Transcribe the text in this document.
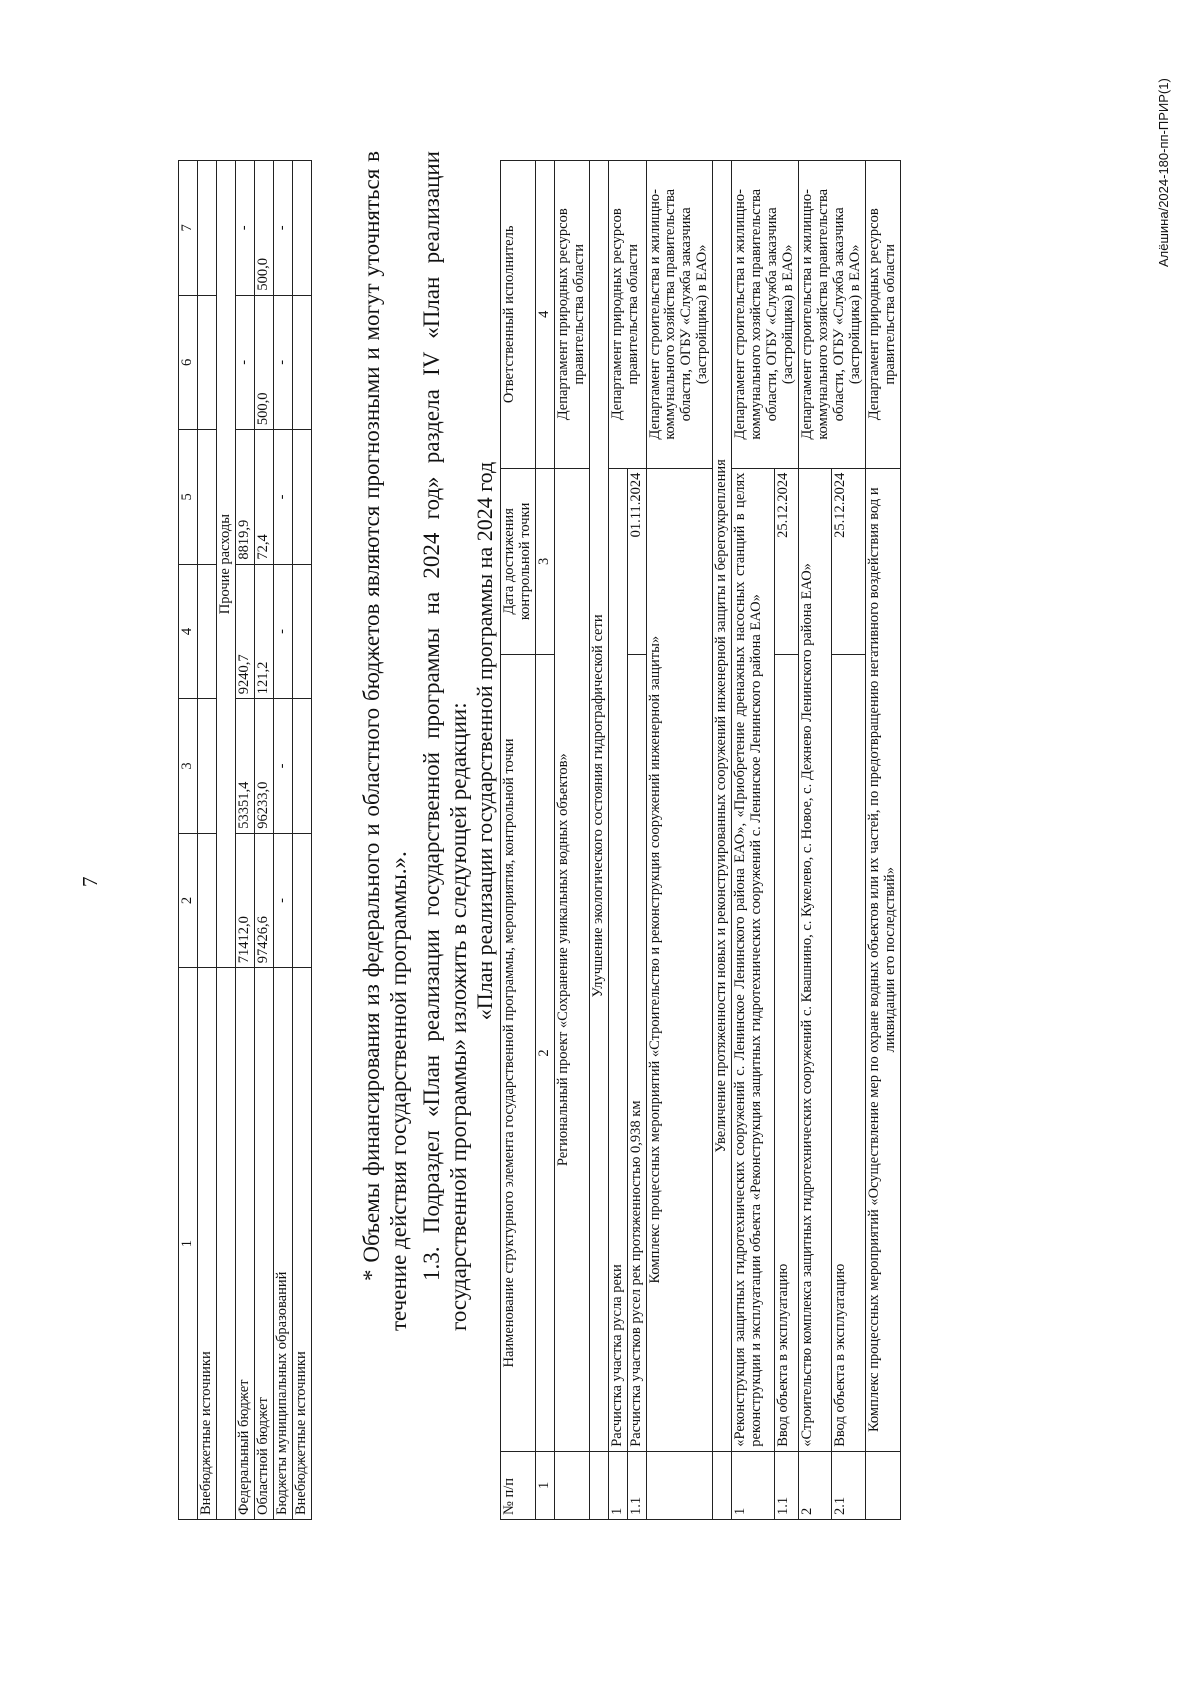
7
1	2	3	4	5	6	7
Внебюджетные источники						
	Прочие расходы					
Федеральный бюджет	71412,0	53351,4	9240,7	8819,9	-	-
Областной бюджет	97426,6	96233,0	121,2	72,4	500,0	500,0
Бюджеты муниципальных образований	-	-	-	-	-	-
Внебюджетные источники						
* Объемы финансирования из федерального и областного бюджетов являются прогнозными и могут уточняться в течение действия государственной программы.». 1.3. Подраздел «План реализации государственной программы на 2024 год» раздела IV «План реализации государственной программы» изложить в следующей редакции: «План реализации государственной программы на 2024 год
№ п/п	Наименование структурного элемента государственной программы, мероприятия, контрольной точки	Дата достижения контрольной точки	Ответственный исполнитель
1	2	3	4
	Региональный проект «Сохранение уникальных водных объектов»		Департамент природных ресурсов правительства области
	Улучшение экологического состояния гидрографической сети		
1	Расчистка участка русла реки		Департамент природных ресурсов правительства области
1.1	Расчистка участков русел рек протяженностью 0,938 км	01.11.2024	
	Комплекс процессных мероприятий «Строительство и реконструкция сооружений инженерной защиты»		Департамент строительства и жилищно-коммунального хозяйства правительства области, ОГБУ «Служба заказчика (застройщика) в ЕАО»
	Увеличение протяженности новых и реконструированных сооружений инженерной защиты и берегоукрепления		
1	«Реконструкция защитных гидротехнических сооружений с. Ленинское Ленинского района ЕАО», «Приобретение дренажных насосных станций в целях реконструкции и эксплуатации объекта «Реконструкция защитных гидротехнических сооружений с. Ленинское Ленинского района ЕАО»		Департамент строительства и жилищно-коммунального хозяйства правительства области, ОГБУ «Служба заказчика (застройщика) в ЕАО»
1.1	Ввод объекта в эксплуатацию	25.12.2024	
2	«Строительство комплекса защитных гидротехнических сооружений с. Квашнино, с. Кукелево, с. Новое, с. Дежнево Ленинского района ЕАО»		Департамент строительства и жилищно-коммунального хозяйства правительства области, ОГБУ «Служба заказчика (застройщика) в ЕАО»
2.1	Ввод объекта в эксплуатацию	25.12.2024	
	Комплекс процессных мероприятий «Осуществление мер по охране водных объектов или их частей, по предотвращению негативного воздействия вод и ликвидации его последствий»		Департамент природных ресурсов правительства области
Алёшина/2024-180-пп-ПРИР(1)
